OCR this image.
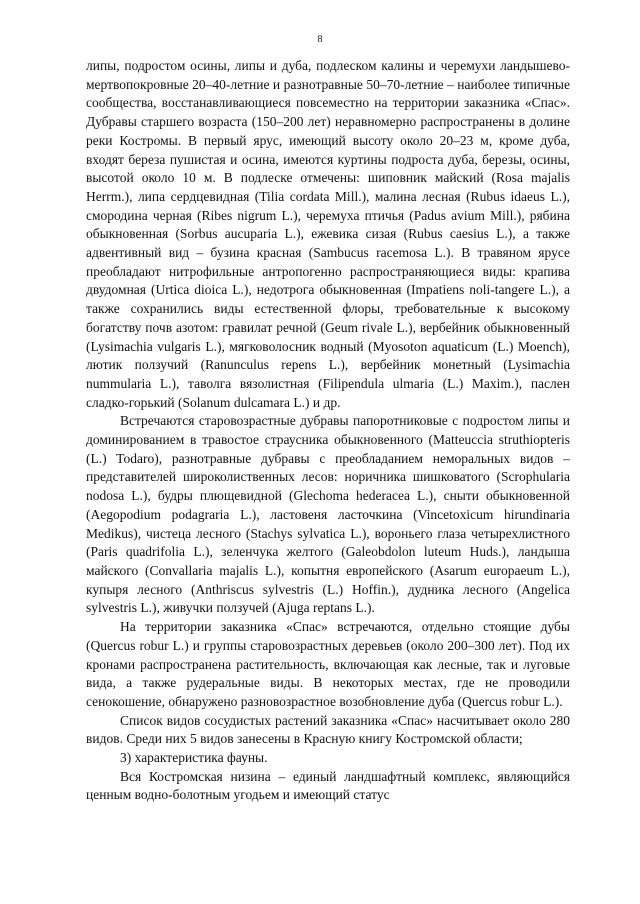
8

липы, подростом осины, липы и дуба, подлеском калины и черемухи ландышево-мертвопокровные 20–40-летние и разнотравные 50–70-летние – наиболее типичные сообщества, восстанавливающиеся повсеместно на территории заказника «Спас». Дубравы старшего возраста (150–200 лет) неравномерно распространены в долине реки Костромы. В первый ярус, имеющий высоту около 20–23 м, кроме дуба, входят береза пушистая и осина, имеются куртины подроста дуба, березы, осины, высотой около 10 м. В подлеске отмечены: шиповник майский (Rosa majalis Herrm.), липа сердцевидная (Tilia cordata Mill.), малина лесная (Rubus idaeus L.), смородина черная (Ribes nigrum L.), черемуха птичья (Padus avium Mill.), рябина обыкновенная (Sorbus aucuparia L.), ежевика сизая (Rubus caesius L.), а также адвентивный вид – бузина красная (Sambucus racemosa L.). В травяном ярусе преобладают нитрофильные антропогенно распространяющиеся виды: крапива двудомная (Urtica dioica L.), недотрога обыкновенная (Impatiens noli-tangere L.), а также сохранились виды естественной флоры, требовательные к высокому богатству почв азотом: гравилат речной (Geum rivale L.), вербейник обыкновенный (Lysimachia vulgaris L.), мягковолосник водный (Myosoton aquaticum (L.) Moench), лютик ползучий (Ranunculus repens L.), вербейник монетный (Lysimachia nummularia L.), таволга вязолистная (Filipendula ulmaria (L.) Maxim.), паслен сладко-горький (Solanum dulcamara L.) и др.

Встречаются старовозрастные дубравы папоротниковые с подростом липы и доминированием в травостое страусника обыкновенного (Matteuccia struthiopteris (L.) Todaro), разнотравные дубравы с преобладанием неморальных видов – представителей широколиственных лесов: норичника шишковатого (Scrophularia nodosa L.), будры плющевидной (Glechoma hederacea L.), сныти обыкновенной (Aegopodium podagraria L.), ластовеня ласточкина (Vincetoxicum hirundinaria Medikus), чистеца лесного (Stachys sylvatica L.), вороньего глаза четырехлистного (Paris quadrifolia L.), зеленчука желтого (Galeobdolon luteum Huds.), ландыша майского (Convallaria majalis L.), копытня европейского (Asarum europaeum L.), купыря лесного (Anthriscus sylvestris (L.) Hoffin.), дудника лесного (Angelica sylvestris L.), живучки ползучей (Ajuga reptans L.).

На территории заказника «Спас» встречаются, отдельно стоящие дубы (Quercus robur L.) и группы старовозрастных деревьев (около 200–300 лет). Под их кронами распространена растительность, включающая как лесные, так и луговые вида, а также рудеральные виды. В некоторых местах, где не проводили сенокошение, обнаружено разновозрастное возобновление дуба (Quercus robur L.).

Список видов сосудистых растений заказника «Спас» насчитывает около 280 видов. Среди них 5 видов занесены в Красную книгу Костромской области;

3) характеристика фауны.

Вся Костромская низина – единый ландшафтный комплекс, являющийся ценным водно-болотным угодьем и имеющий статус
